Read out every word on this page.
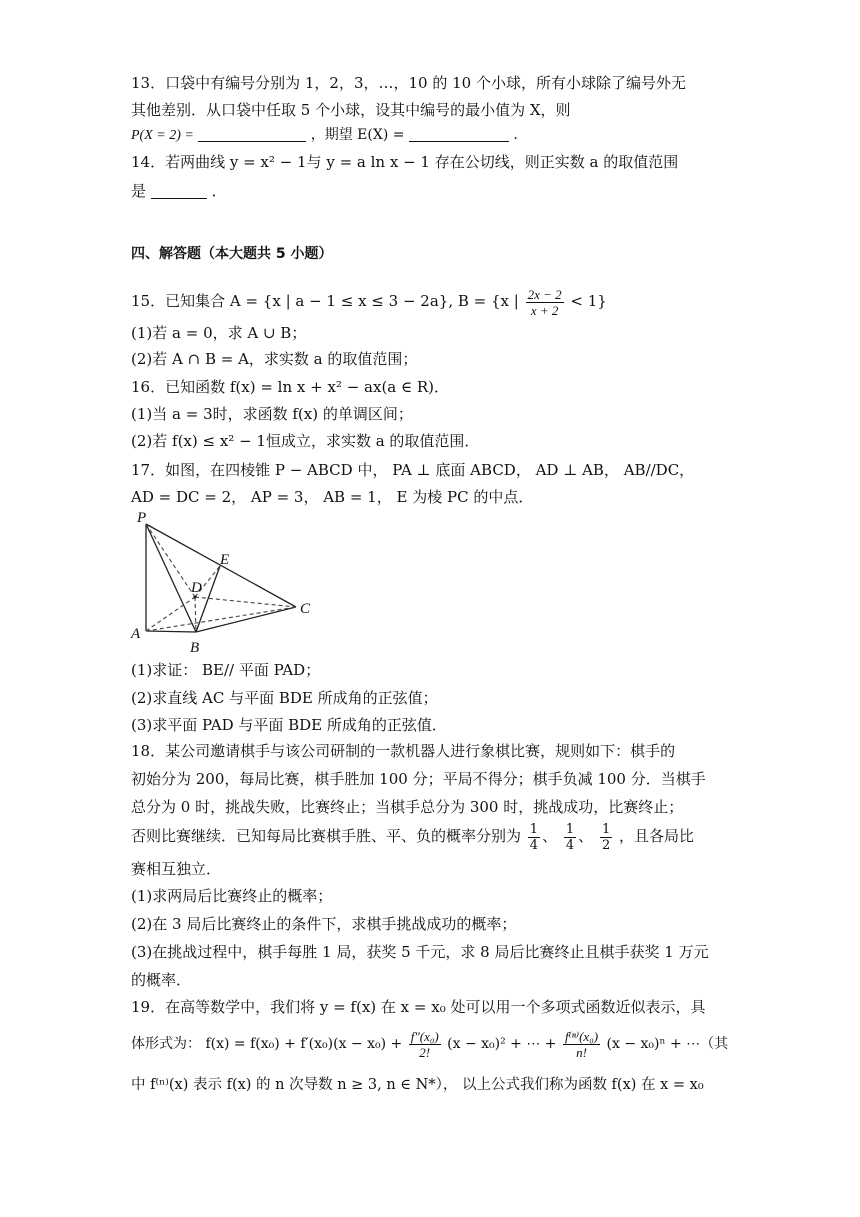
13．口袋中有编号分别为 1，2，3，…，10 的 10 个小球，所有小球除了编号外无
其他差别．从口袋中任取 5 个小球，设其中编号的最小值为 X，则
P(X = 2) =	，期望 E(X) =	．
14．若两曲线 y = x² − 1与 y = a ln x − 1 存在公切线，则正实数 a 的取值范围
是	．
四、解答题（本大题共 5 小题）
15．已知集合 A = {x | a − 1 ≤ x ≤ 3 − 2a}, B = {x | $\frac{2x - 2}{x + 2} < 1$}
(1)若 a = 0，求 A ∪ B；
(2)若 A ∩ B = A，求实数 a 的取值范围；
16．已知函数 f(x) = ln x + x² − ax(a ∈ R)．
(1)当 a = 3时，求函数 f(x) 的单调区间；
(2)若 f(x) ≤ x² − 1恒成立，求实数 a 的取值范围．
17．如图，在四棱锥 P − ABCD 中， PA ⊥ 底面 ABCD， AD ⊥ AB， AB//DC，
AD = DC = 2， AP = 3， AB = 1， E 为棱 PC 的中点．
P
E
D
C
A
B
(1)求证： BE// 平面 PAD；
(2)求直线 AC 与平面 BDE 所成角的正弦值；
(3)求平面 PAD 与平面 BDE 所成角的正弦值．
18．某公司邀请棋手与该公司研制的一款机器人进行象棋比赛，规则如下：棋手的
初始分为 200，每局比赛，棋手胜加 100 分；平局不得分；棋手负减 100 分．当棋手
总分为 0 时，挑战失败，比赛终止；当棋手总分为 300 时，挑战成功，比赛终止；
否则比赛继续．已知每局比赛棋手胜、平、负的概率分别为 $\frac{1}{4}$ 、 $\frac{1}{4}$ 、 $\frac{1}{2}$ ，且各局比
赛相互独立．
(1)求两局后比赛终止的概率；
(2)在 3 局后比赛终止的条件下，求棋手挑战成功的概率；
(3)在挑战过程中，棋手每胜 1 局，获奖 5 千元，求 8 局后比赛终止且棋手获奖 1 万元
的概率．
19．在高等数学中，我们将 y = f(x) 在 x = x₀ 处可以用一个多项式函数近似表示，具
体形式为： $f(x) = f(x_0) + f'(x_0)(x - x_0) + \frac{\text{f″(x₀)}}{2!} (x - x_0)^2$ + ⋯ + $\frac{\text{f⁽ⁿ⁾(x₀)}}{n!} (x - x_0)^n$ + ⋯（其
中 f⁽ⁿ⁾(x) 表示 f(x) 的 n 次导数 n ≥ 3, n ∈ N*）， 以上公式我们称为函数 f(x) 在 x = x₀
